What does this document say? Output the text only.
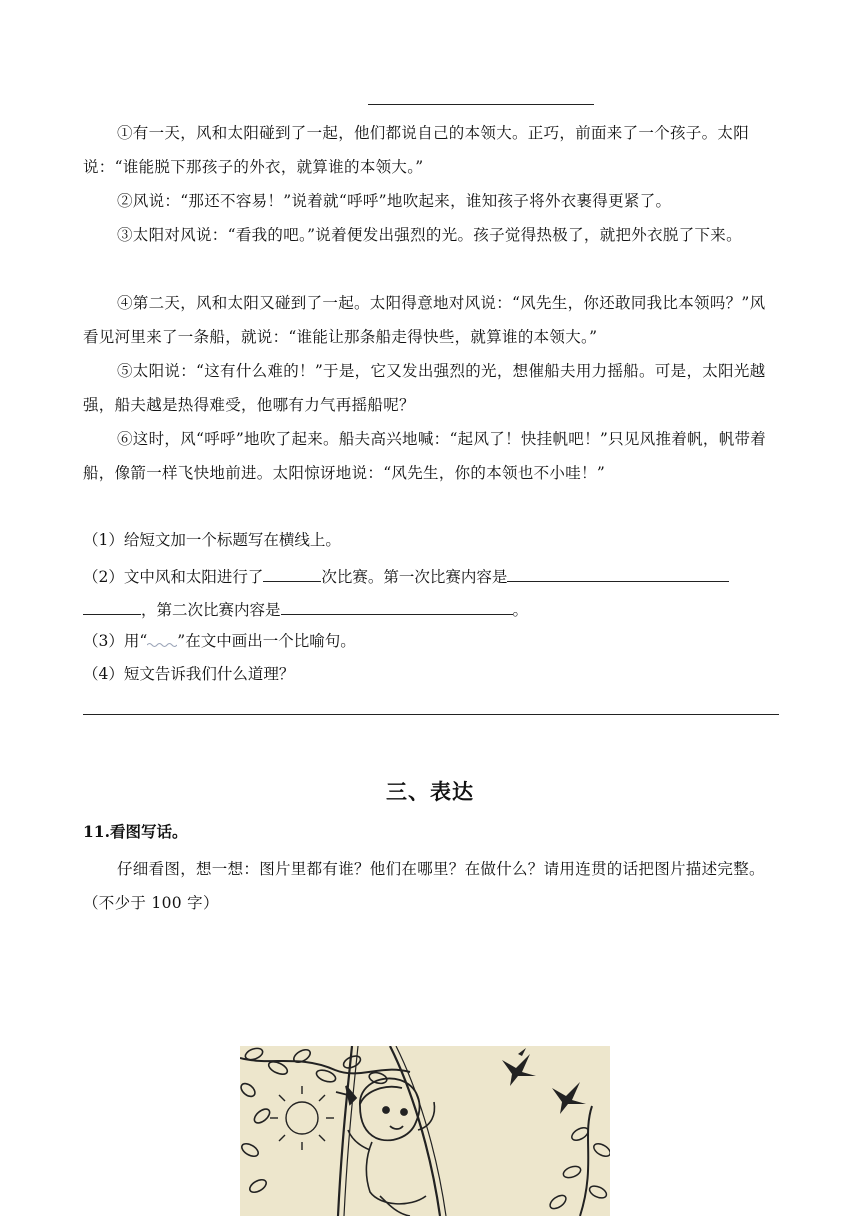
①有一天，风和太阳碰到了一起，他们都说自己的本领大。正巧，前面来了一个孩子。太阳说：“谁能脱下那孩子的外衣，就算谁的本领大。”

②风说：“那还不容易！”说着就“呼呼”地吹起来，谁知孩子将外衣裹得更紧了。

③太阳对风说：“看我的吧。”说着便发出强烈的光。孩子觉得热极了，就把外衣脱了下来。

④第二天，风和太阳又碰到了一起。太阳得意地对风说：“风先生，你还敢同我比本领吗？”风看见河里来了一条船，就说：“谁能让那条船走得快些，就算谁的本领大。”

⑤太阳说：“这有什么难的！”于是，它又发出强烈的光，想催船夫用力摇船。可是，太阳光越强，船夫越是热得难受，他哪有力气再摇船呢？

⑥这时，风“呼呼”地吹了起来。船夫高兴地喊：“起风了！快挂帆吧！”只见风推着帆，帆带着船，像箭一样飞快地前进。太阳惊讶地说：“风先生，你的本领也不小哇！”

（1）给短文加一个标题写在横线上。

（2）文中风和太阳进行了	次比赛。第一次比赛内容是

，第二次比赛内容是	。

（3）用“ ”在文中画出一个比喻句。

（4）短文告诉我们什么道理？

三、表达
11.看图写话。

仔细看图，想一想：图片里都有谁？他们在哪里？在做什么？请用连贯的话把图片描述完整。（不少于 100 字）
